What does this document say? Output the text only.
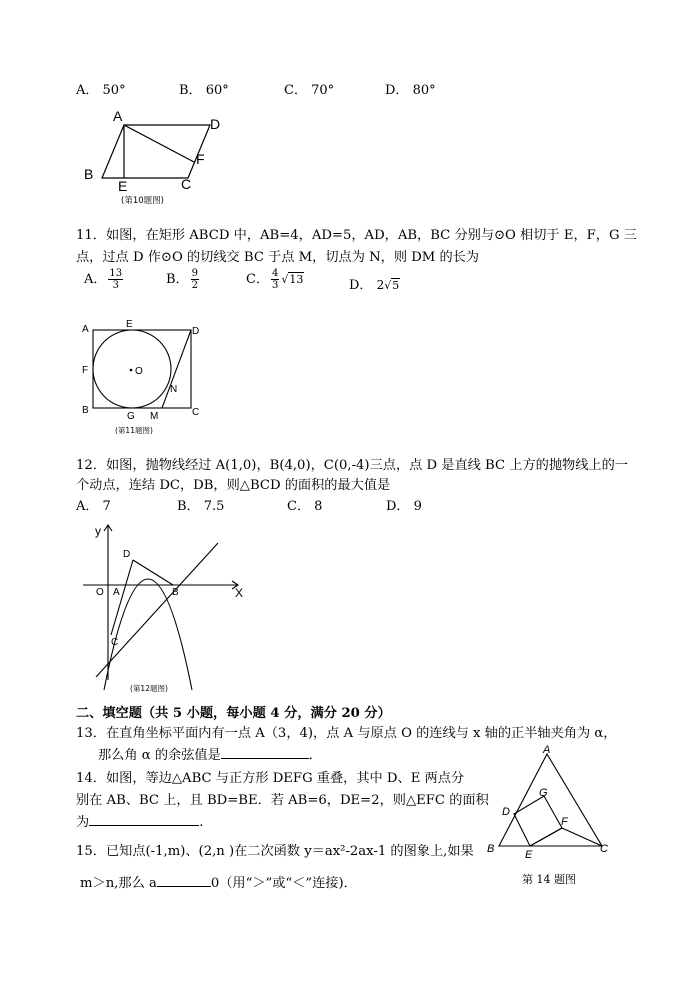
A． 50°	B． 60°	C． 70°	D． 80°
A	D
F
B
E	C
(第10题图)
11．如图，在矩形 ABCD 中，AB=4，AD=5，AD，AB，BC 分别与⊙O 相切于 E，F，G 三
点，过点 D 作⊙O 的切线交 BC 于点 M，切点为 N，则 DM 的长为
A． $\frac{13}{3}$	B． $\frac{9}{2}$	C． $\frac{4}{3} √13$	D． 2√5
A	E
D
F	O
N
B
G M	C
(第11题图)
12．如图，抛物线经过 A(1,0)，B(4,0)，C(0,-4)三点，点 D 是直线 BC 上方的抛物线上的一
个动点，连结 DC，DB，则△BCD 的面积的最大值是
A． 7	B． 7.5	C． 8	D． 9
y
D
O A	B	X
C
(第12题图)
二、填空题（共 5 小题，每小题 4 分，满分 20 分）
13．在直角坐标平面内有一点 A（3，4)，点 A 与原点 O 的连线与 x 轴的正半轴夹角为 α，
那么角 α 的余弦值是	．
14．如图，等边△ABC 与正方形 DEFG 重叠，其中 D、E 两点分
别在 AB、BC 上，且 BD=BE．若 AB=6，DE=2，则△EFC 的面积
为	.
A
G
D
F
B	E	C
第 14 题图
15．已知点(-1,m)、(2,n )在二次函数 y＝ax²-2ax-1 的图象上,如果
m＞n,那么 a	0（用“＞”或“＜”连接)．
